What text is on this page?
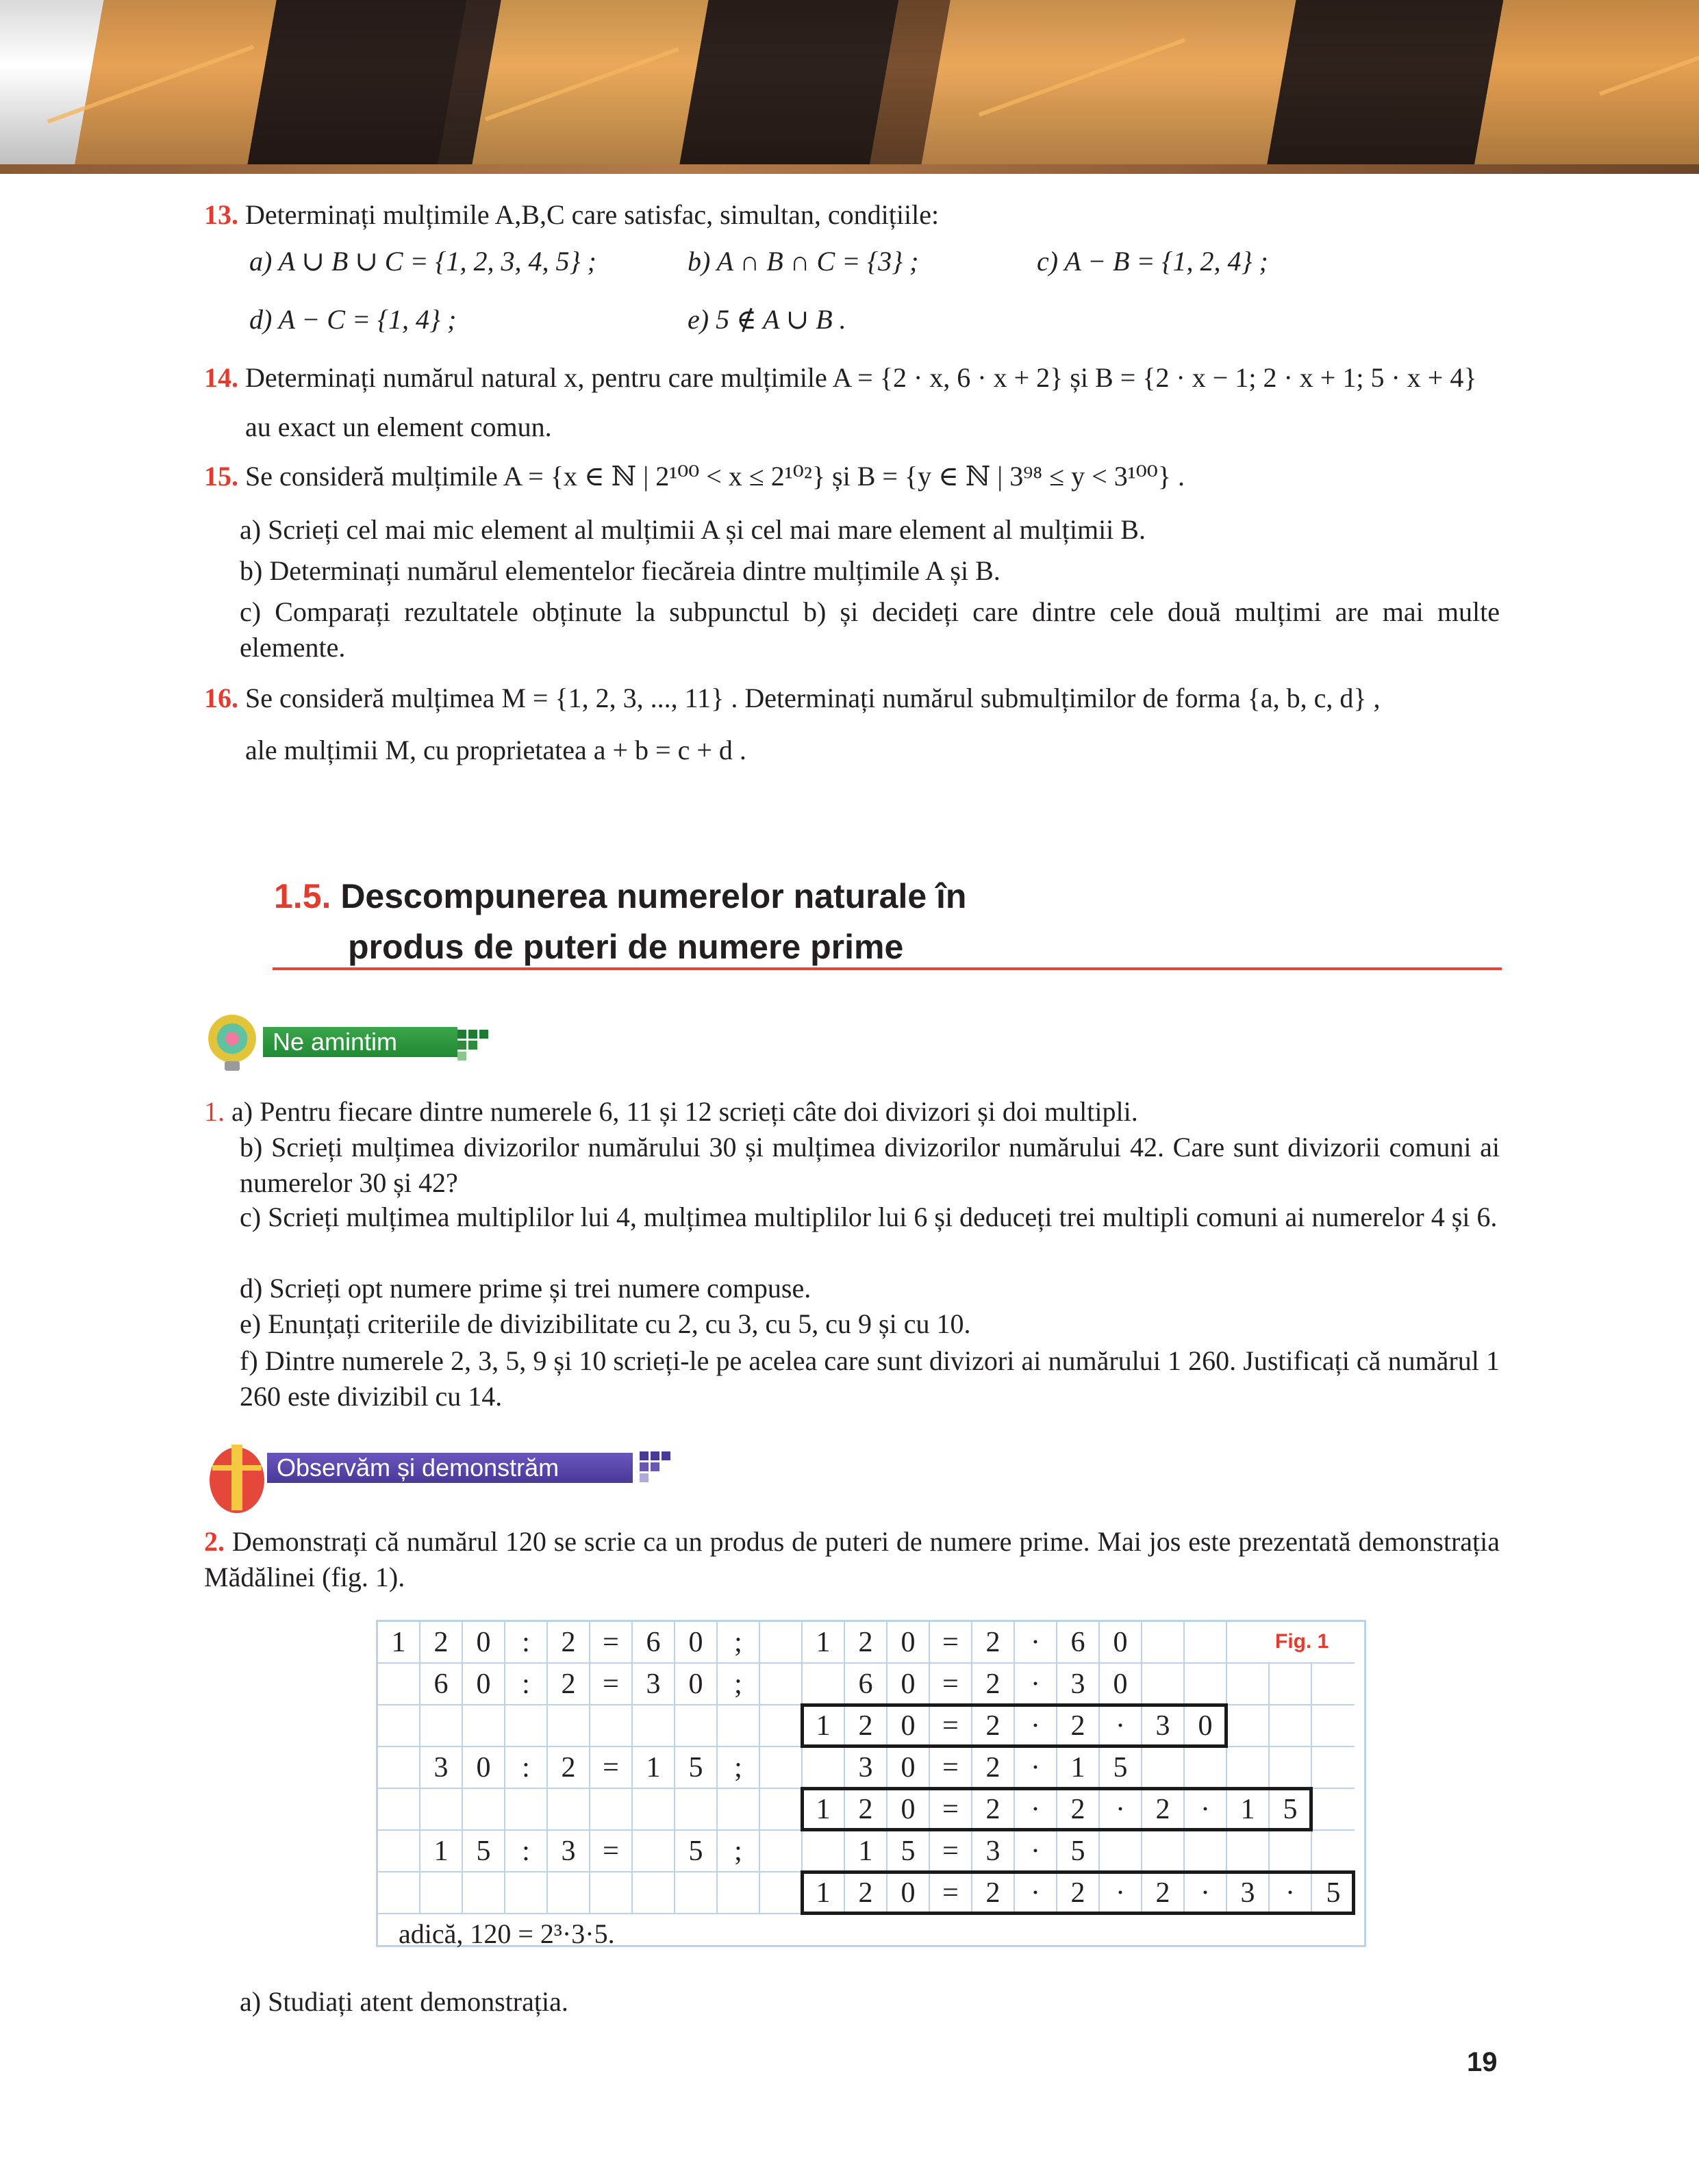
13. Determinați mulțimile A,B,C care satisfac, simultan, condițiile:
a) A ∪ B ∪ C = {1, 2, 3, 4, 5} ;	b) A ∩ B ∩ C = {3} ;	c) A − B = {1, 2, 4} ;
d) A − C = {1, 4} ;	e) 5 ∉ A ∪ B .
14. Determinați numărul natural x, pentru care mulțimile A = {2 · x, 6 · x + 2} și B = {2 · x − 1; 2 · x + 1; 5 · x + 4}
au exact un element comun.
15. Se consideră mulțimile A = {x ∈ ℕ | 2¹⁰⁰ < x ≤ 2¹⁰²} și B = {y ∈ ℕ | 3⁹⁸ ≤ y < 3¹⁰⁰} .
a) Scrieți cel mai mic element al mulțimii A și cel mai mare element al mulțimii B.
b) Determinați numărul elementelor fiecăreia dintre mulțimile A și B.
c) Comparați rezultatele obținute la subpunctul b) și decideți care dintre cele două mulțimi are mai multe elemente.
16. Se consideră mulțimea M = {1, 2, 3, ..., 11} . Determinați numărul submulțimilor de forma {a, b, c, d} ,
ale mulțimii M, cu proprietatea a + b = c + d .
1.5. Descompunerea numerelor naturale în
produs de puteri de numere prime
Ne amintim
1. a) Pentru fiecare dintre numerele 6, 11 și 12 scrieți câte doi divizori și doi multipli.
b) Scrieți mulțimea divizorilor numărului 30 și mulțimea divizorilor numărului 42. Care sunt divizorii comuni ai numerelor 30 și 42?
c) Scrieți mulțimea multiplilor lui 4, mulțimea multiplilor lui 6 și deduceți trei multipli comuni ai numerelor 4 și 6.
d) Scrieți opt numere prime și trei numere compuse.
e) Enunțați criteriile de divizibilitate cu 2, cu 3, cu 5, cu 9 și cu 10.
f) Dintre numerele 2, 3, 5, 9 și 10 scrieți-le pe acelea care sunt divizori ai numărului 1 260. Justificați că numărul 1 260 este divizibil cu 14.
Observăm și demonstrăm
2. Demonstrați că numărul 120 se scrie ca un produs de puteri de numere prime. Mai jos este prezentată demonstrația Mădălinei (fig. 1).
Fig. 1
adică, 120 = 2³·3·5.
1 2 0	:	2 = 6 0	;	1 2 0 = 2	·	6 0
6 0	:	2 = 3 0	;	6 0 = 2	·	3 0
1 2 0 = 2	·	2	·	3 0
3 0	:	2 = 1 5	;	3 0 = 2	·	1 5
1 2 0 = 2	·	2	·	2	·	1 5
1 5	:	3 =	5	;	1 5 = 3	·	5
1 2 0 = 2	·	2	·	2	·	3	·	5
a) Studiați atent demonstrația.
19
